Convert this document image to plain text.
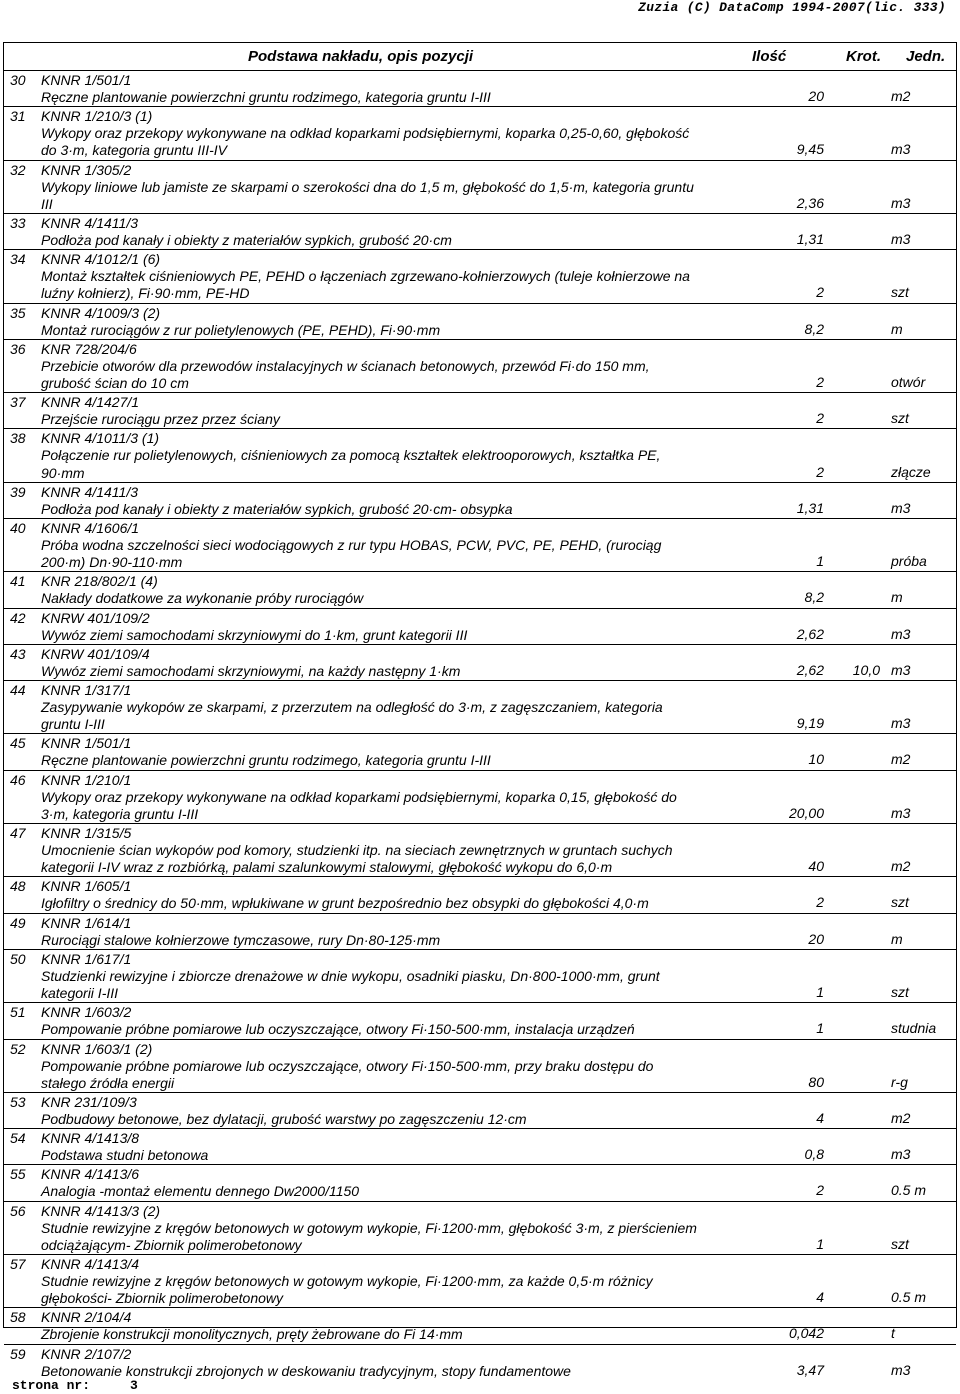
Zuzia (C) DataComp 1994-2007(lic. 333)
Podstawa nakładu, opis pozycji	Ilość	Krot. Jedn.
30 KNNR 1/501/1
Ręczne plantowanie powierzchni gruntu rodzimego, kategoria gruntu I-III	20	m2
31 KNNR 1/210/3 (1)
Wykopy oraz przekopy wykonywane na odkład koparkami podsiębiernymi, koparka 0,25-0,60, głębokość do 3·m, kategoria gruntu III-IV	9,45	m3
32 KNNR 1/305/2
Wykopy liniowe lub jamiste ze skarpami o szerokości dna do 1,5 m, głębokość do 1,5·m, kategoria gruntu III	2,36	m3
33 KNNR 4/1411/3
Podłoża pod kanały i obiekty z materiałów sypkich, grubość 20·cm	1,31	m3
34 KNNR 4/1012/1 (6)
Montaż kształtek ciśnieniowych PE, PEHD o łączeniach zgrzewano-kołnierzowych (tuleje kołnierzowe na luźny kołnierz), Fi·90·mm, PE-HD	2	szt
35 KNNR 4/1009/3 (2)
Montaż rurociągów z rur polietylenowych (PE, PEHD), Fi·90·mm	8,2	m
36 KNR 728/204/6
Przebicie otworów dla przewodów instalacyjnych w ścianach betonowych, przewód Fi·do 150 mm, grubość ścian do 10 cm	2	otwór
37 KNNR 4/1427/1
Przejście rurociągu przez przez ściany	2	szt
38 KNNR 4/1011/3 (1)
Połączenie rur polietylenowych, ciśnieniowych za pomocą kształtek elektrooporowych, kształtka PE, 90·mm	2	złącze
39 KNNR 4/1411/3
Podłoża pod kanały i obiekty z materiałów sypkich, grubość 20·cm- obsypka	1,31	m3
40 KNNR 4/1606/1
Próba wodna szczelności sieci wodociągowych z rur typu HOBAS, PCW, PVC, PE, PEHD, (rurociąg 200·m) Dn·90-110·mm	1	próba
41 KNR 218/802/1 (4)
Nakłady dodatkowe za wykonanie próby rurociągów	8,2	m
42 KNRW 401/109/2
Wywóz ziemi samochodami skrzyniowymi do 1·km, grunt kategorii III	2,62	m3
43 KNRW 401/109/4
Wywóz ziemi samochodami skrzyniowymi, na każdy następny 1·km	2,62 10,0 m3
44 KNNR 1/317/1
Zasypywanie wykopów ze skarpami, z przerzutem na odległość do 3·m, z zagęszczaniem, kategoria gruntu I-III	9,19	m3
45 KNNR 1/501/1
Ręczne plantowanie powierzchni gruntu rodzimego, kategoria gruntu I-III	10	m2
46 KNNR 1/210/1
Wykopy oraz przekopy wykonywane na odkład koparkami podsiębiernymi, koparka 0,15, głębokość do 3·m, kategoria gruntu I-III	20,00	m3
47 KNNR 1/315/5
Umocnienie ścian wykopów pod komory, studzienki itp. na sieciach zewnętrznych w gruntach suchych kategorii I-IV wraz z rozbiórką, palami szalunkowymi stalowymi, głębokość wykopu do 6,0·m	40	m2
48 KNNR 1/605/1
Igłofiltry o średnicy do 50·mm, wpłukiwane w grunt bezpośrednio bez obsypki do głębokości 4,0·m	2	szt
49 KNNR 1/614/1
Rurociągi stalowe kołnierzowe tymczasowe, rury Dn·80-125·mm	20	m
50 KNNR 1/617/1
Studzienki rewizyjne i zbiorcze drenażowe w dnie wykopu, osadniki piasku, Dn·800-1000·mm, grunt kategorii I-III	1	szt
51 KNNR 1/603/2
Pompowanie próbne pomiarowe lub oczyszczające, otwory Fi·150-500·mm, instalacja urządzeń	1	studnia
52 KNNR 1/603/1 (2)
Pompowanie próbne pomiarowe lub oczyszczające, otwory Fi·150-500·mm, przy braku dostępu do stałego źródła energii	80	r-g
53 KNR 231/109/3
Podbudowy betonowe, bez dylatacji, grubość warstwy po zagęszczeniu 12·cm	4	m2
54 KNNR 4/1413/8
Podstawa studni betonowa	0,8	m3
55 KNNR 4/1413/6
Analogia -montaż elementu dennego Dw2000/1150	2	0.5 m
56 KNNR 4/1413/3 (2)
Studnie rewizyjne z kręgów betonowych w gotowym wykopie, Fi·1200·mm, głębokość 3·m, z pierścieniem odciążającym- Zbiornik polimerobetonowy	1	szt
57 KNNR 4/1413/4
Studnie rewizyjne z kręgów betonowych w gotowym wykopie, Fi·1200·mm, za każde 0,5·m różnicy głębokości- Zbiornik polimerobetonowy	4	0.5 m
58 KNNR 2/104/4
Zbrojenie konstrukcji monolitycznych, pręty żebrowane do Fi 14·mm	0,042	t
59 KNNR 2/107/2
Betonowanie konstrukcji zbrojonych w deskowaniu tradycyjnym, stopy fundamentowe	3,47	m3
strona nr:	3
